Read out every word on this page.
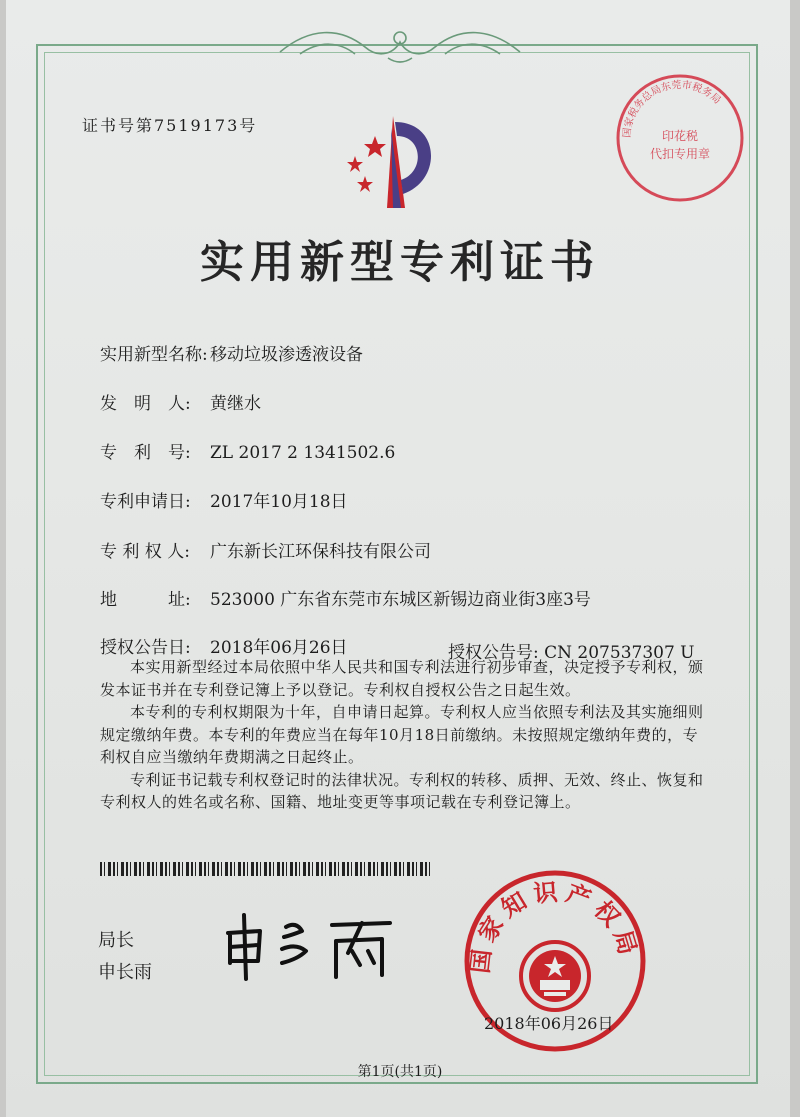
国家税务总局东莞市税务局
印花税
代扣专用章
证书号第7519173号
实用新型专利证书
实用新型名称: 移动垃圾渗透液设备
发　明　人: 黄继水
专　利　号: ZL 2017 2 1341502.6
专利申请日: 2017年10月18日
专 利 权 人: 广东新长江环保科技有限公司
地　　　址: 523000 广东省东莞市东城区新锡边商业街3座3号
授权公告日: 2018年06月26日	授权公告号: CN 207537307 U

本实用新型经过本局依照中华人民共和国专利法进行初步审查，决定授予专利权，颁发本证书并在专利登记簿上予以登记。专利权自授权公告之日起生效。

本专利的专利权期限为十年，自申请日起算。专利权人应当依照专利法及其实施细则规定缴纳年费。本专利的年费应当在每年10月18日前缴纳。未按照规定缴纳年费的，专利权自应当缴纳年费期满之日起终止。

专利证书记载专利权登记时的法律状况。专利权的转移、质押、无效、终止、恢复和专利权人的姓名或名称、国籍、地址变更等事项记载在专利登记簿上。

局长
申长雨	国家知识产权局
2018年06月26日
第1页(共1页)
